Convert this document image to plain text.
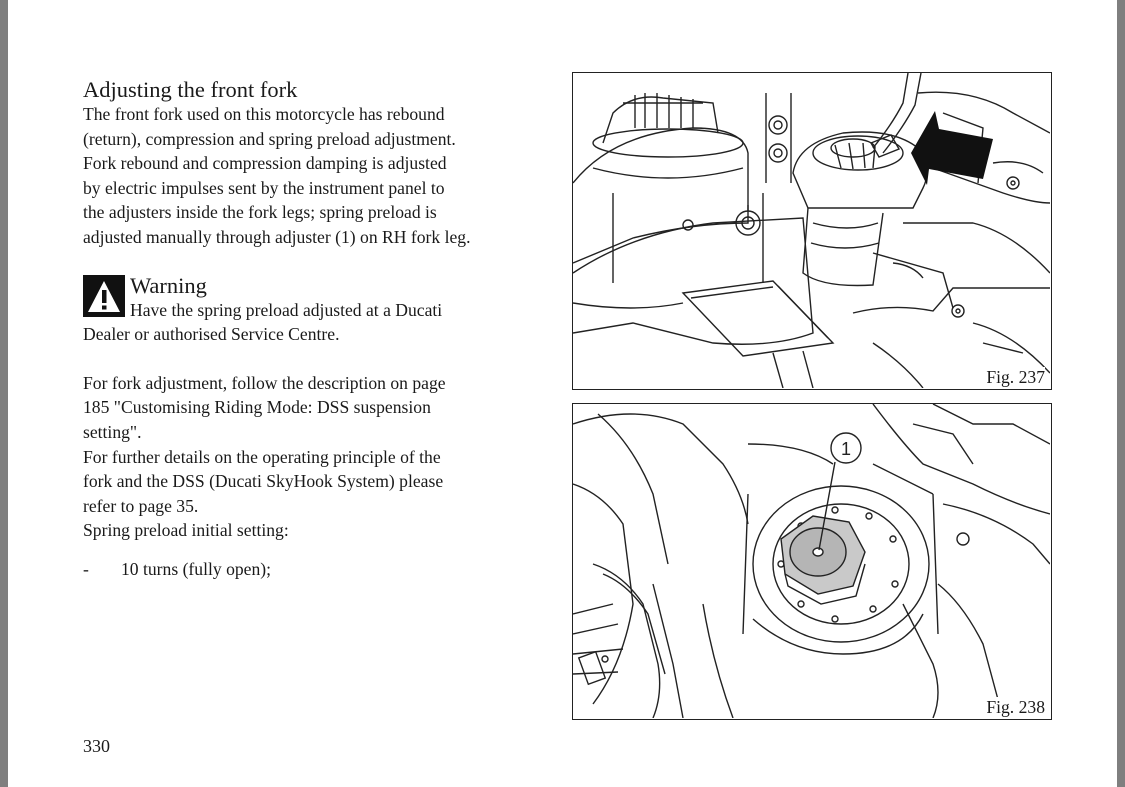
Adjusting the front fork

The front fork used on this motorcycle has rebound

(return), compression and spring preload adjustment.

Fork rebound and compression damping is adjusted

by electric impulses sent by the instrument panel to

the adjusters inside the fork legs; spring preload is

adjusted manually through adjuster (1) on RH fork leg.

Warning

Have the spring preload adjusted at a Ducati

Dealer or authorised Service Centre.

For fork adjustment, follow the description on page

185 "Customising Riding Mode: DSS suspension

setting".

For further details on the operating principle of the

fork and the DSS (Ducati SkyHook System) please

refer to page 35.

Spring preload initial setting:

- 10 turns (fully open);
Fig. 237
1
Fig. 238
330
